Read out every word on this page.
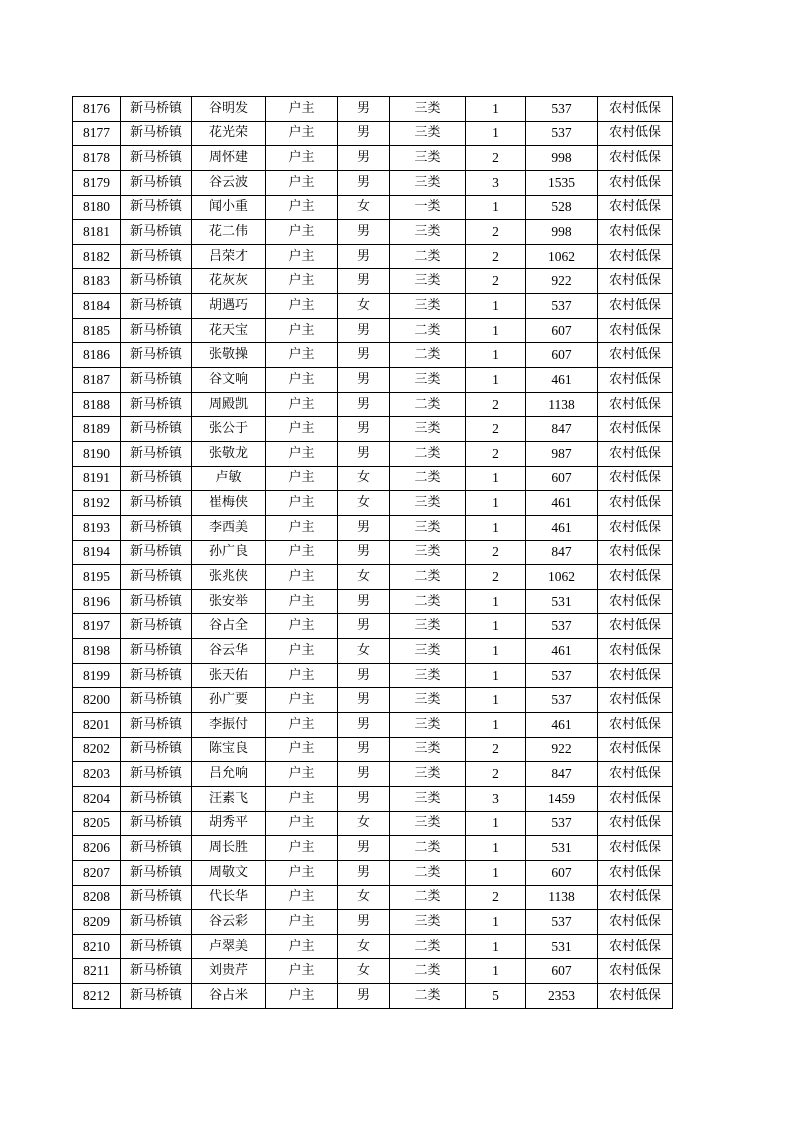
8176	新马桥镇	谷明发	户主	男	三类	1	537	农村低保
8177	新马桥镇	花光荣	户主	男	三类	1	537	农村低保
8178	新马桥镇	周怀建	户主	男	三类	2	998	农村低保
8179	新马桥镇	谷云波	户主	男	三类	3	1535	农村低保
8180	新马桥镇	闻小重	户主	女	一类	1	528	农村低保
8181	新马桥镇	花二伟	户主	男	三类	2	998	农村低保
8182	新马桥镇	吕荣才	户主	男	二类	2	1062	农村低保
8183	新马桥镇	花灰灰	户主	男	三类	2	922	农村低保
8184	新马桥镇	胡遇巧	户主	女	三类	1	537	农村低保
8185	新马桥镇	花天宝	户主	男	二类	1	607	农村低保
8186	新马桥镇	张敬操	户主	男	二类	1	607	农村低保
8187	新马桥镇	谷文响	户主	男	三类	1	461	农村低保
8188	新马桥镇	周殿凯	户主	男	二类	2	1138	农村低保
8189	新马桥镇	张公于	户主	男	三类	2	847	农村低保
8190	新马桥镇	张敬龙	户主	男	二类	2	987	农村低保
8191	新马桥镇	卢敏	户主	女	二类	1	607	农村低保
8192	新马桥镇	崔梅侠	户主	女	三类	1	461	农村低保
8193	新马桥镇	李西美	户主	男	三类	1	461	农村低保
8194	新马桥镇	孙广良	户主	男	三类	2	847	农村低保
8195	新马桥镇	张兆侠	户主	女	二类	2	1062	农村低保
8196	新马桥镇	张安举	户主	男	二类	1	531	农村低保
8197	新马桥镇	谷占全	户主	男	三类	1	537	农村低保
8198	新马桥镇	谷云华	户主	女	三类	1	461	农村低保
8199	新马桥镇	张天佑	户主	男	三类	1	537	农村低保
8200	新马桥镇	孙广要	户主	男	三类	1	537	农村低保
8201	新马桥镇	李振付	户主	男	三类	1	461	农村低保
8202	新马桥镇	陈宝良	户主	男	三类	2	922	农村低保
8203	新马桥镇	吕允响	户主	男	三类	2	847	农村低保
8204	新马桥镇	汪素飞	户主	男	三类	3	1459	农村低保
8205	新马桥镇	胡秀平	户主	女	三类	1	537	农村低保
8206	新马桥镇	周长胜	户主	男	二类	1	531	农村低保
8207	新马桥镇	周敬文	户主	男	二类	1	607	农村低保
8208	新马桥镇	代长华	户主	女	二类	2	1138	农村低保
8209	新马桥镇	谷云彩	户主	男	三类	1	537	农村低保
8210	新马桥镇	卢翠美	户主	女	二类	1	531	农村低保
8211	新马桥镇	刘贵芹	户主	女	二类	1	607	农村低保
8212	新马桥镇	谷占米	户主	男	二类	5	2353	农村低保
